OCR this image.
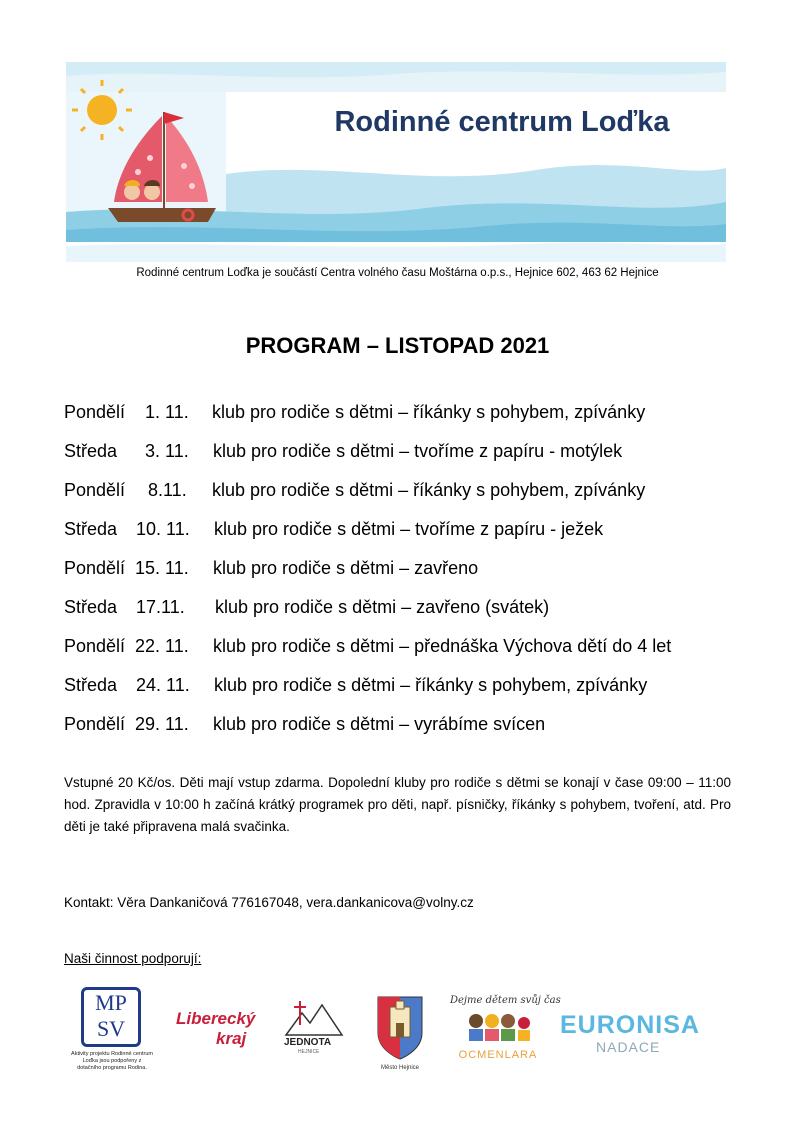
Rodinné centrum Loďka
Rodinné centrum Loďka je součástí Centra volného času Moštárna o.p.s., Hejnice 602, 463 62 Hejnice
PROGRAM – LISTOPAD 2021
Pondělí 1. 11. klub pro rodiče s dětmi – říkánky s pohybem, zpívánky
Středa 3. 11. klub pro rodiče s dětmi – tvoříme z papíru - motýlek
Pondělí 8.11. klub pro rodiče s dětmi – říkánky s pohybem, zpívánky
Středa 10. 11. klub pro rodiče s dětmi – tvoříme z papíru - ježek
Pondělí 15. 11. klub pro rodiče s dětmi – zavřeno
Středa 17.11. klub pro rodiče s dětmi – zavřeno (svátek)
Pondělí 22. 11. klub pro rodiče s dětmi – přednáška Výchova dětí do 4 let
Středa 24. 11. klub pro rodiče s dětmi – říkánky s pohybem, zpívánky
Pondělí 29. 11. klub pro rodiče s dětmi – vyrábíme svícen
Vstupné 20 Kč/os. Děti mají vstup zdarma. Dopolední kluby pro rodiče s dětmi se konají v čase 09:00 – 11:00 hod. Zpravidla v 10:00 h začíná krátký programek pro děti, např. písničky, říkánky s pohybem, tvoření, atd. Pro děti je také připravena malá svačinka.
Kontakt: Věra Dankaničová 776167048, vera.dankanicova@volny.cz
Naši činnost podporují:
MP
SV
Aktivity projektu Rodinné centrum Loďka jsou podpořeny z dotačního programu Rodina.
Liberecký
kraj	JEDNOTA
HEJNICE
Město Hejnice
Dejme dětem svůj čas
OCMENLARA
EURONISA
NADACE
